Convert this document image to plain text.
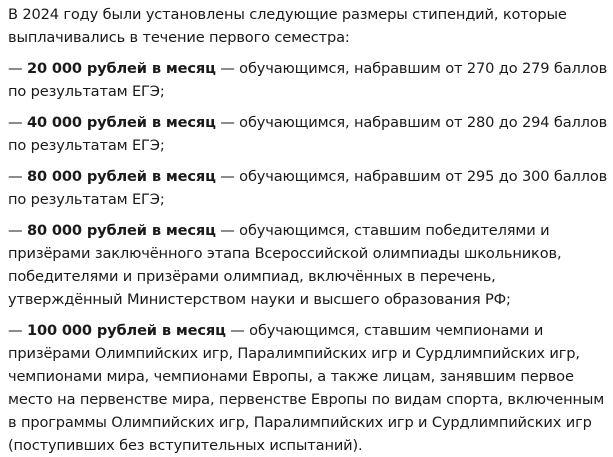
В 2024 году были установлены следующие размеры стипендий, которые выплачивались в течение первого семестра:

— 20 000 рублей в месяц — обучающимся, набравшим от 270 до 279 баллов по результатам ЕГЭ;
— 40 000 рублей в месяц — обучающимся, набравшим от 280 до 294 баллов по результатам ЕГЭ;
— 80 000 рублей в месяц — обучающимся, набравшим от 295 до 300 баллов по результатам ЕГЭ;
— 80 000 рублей в месяц — обучающимся, ставшим победителями и призёрами заключённого этапа Всероссийской олимпиады школьников, победителями и призёрами олимпиад, включённых в перечень, утверждённый Министерством науки и высшего образования РФ;
— 100 000 рублей в месяц — обучающимся, ставшим чемпионами и призёрами Олимпийских игр, Паралимпийских игр и Сурдлимпийских игр, чемпионами мира, чемпионами Европы, а также лицам, занявшим первое место на первенстве мира, первенстве Европы по видам спорта, включенным в программы Олимпийских игр, Паралимпийских игр и Сурдлимпийских игр (поступивших без вступительных испытаний).
